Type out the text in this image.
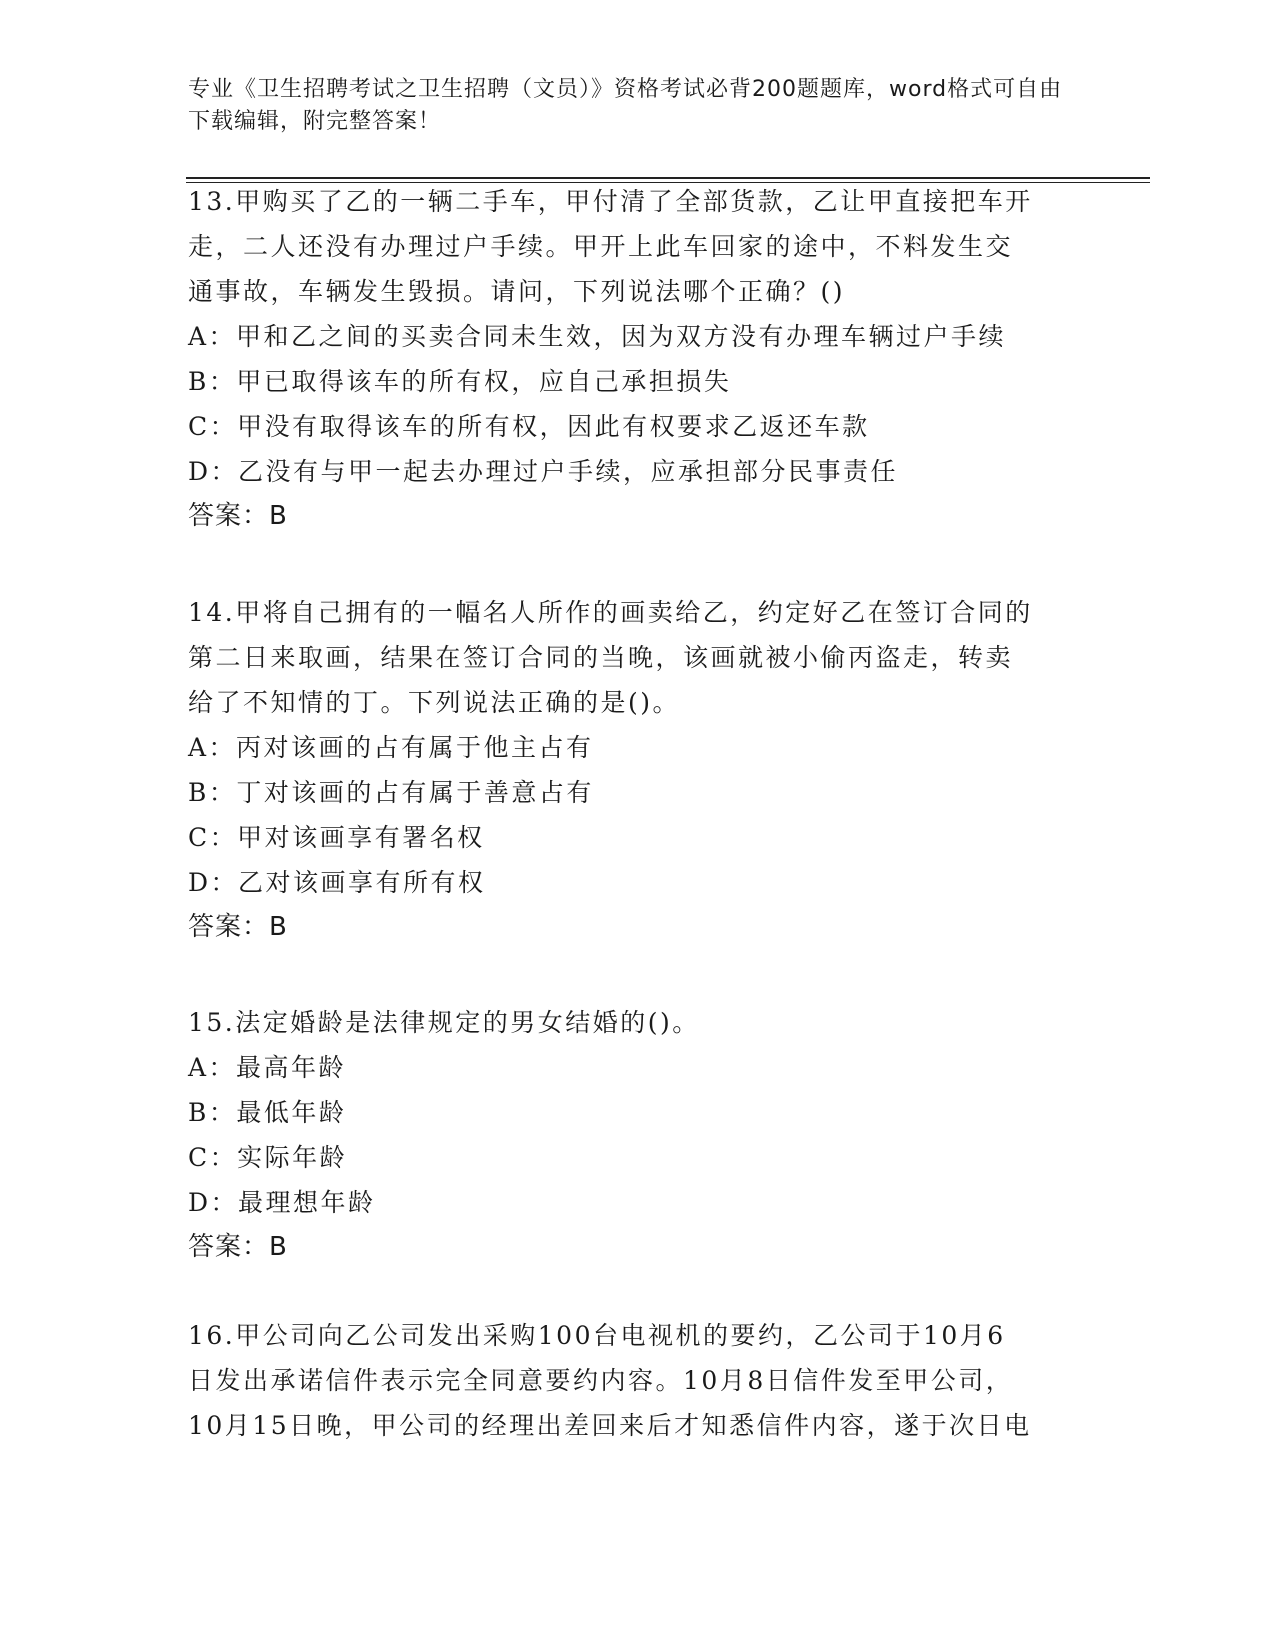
专业《卫生招聘考试之卫生招聘（文员）》资格考试必背200题题库，word格式可自由下载编辑，附完整答案！
13.甲购买了乙的一辆二手车，甲付清了全部货款，乙让甲直接把车开
走，二人还没有办理过户手续。甲开上此车回家的途中，不料发生交
通事故，车辆发生毁损。请问，下列说法哪个正确？()
A：甲和乙之间的买卖合同未生效，因为双方没有办理车辆过户手续
B：甲已取得该车的所有权，应自己承担损失
C：甲没有取得该车的所有权，因此有权要求乙返还车款
D：乙没有与甲一起去办理过户手续，应承担部分民事责任
答案：B
14.甲将自己拥有的一幅名人所作的画卖给乙，约定好乙在签订合同的
第二日来取画，结果在签订合同的当晚，该画就被小偷丙盗走，转卖
给了不知情的丁。下列说法正确的是()。
A：丙对该画的占有属于他主占有
B：丁对该画的占有属于善意占有
C：甲对该画享有署名权
D：乙对该画享有所有权
答案：B
15.法定婚龄是法律规定的男女结婚的()。
A：最高年龄
B：最低年龄
C：实际年龄
D：最理想年龄
答案：B
16.甲公司向乙公司发出采购100台电视机的要约，乙公司于10月6
日发出承诺信件表示完全同意要约内容。10月8日信件发至甲公司，
10月15日晚，甲公司的经理出差回来后才知悉信件内容，遂于次日电
